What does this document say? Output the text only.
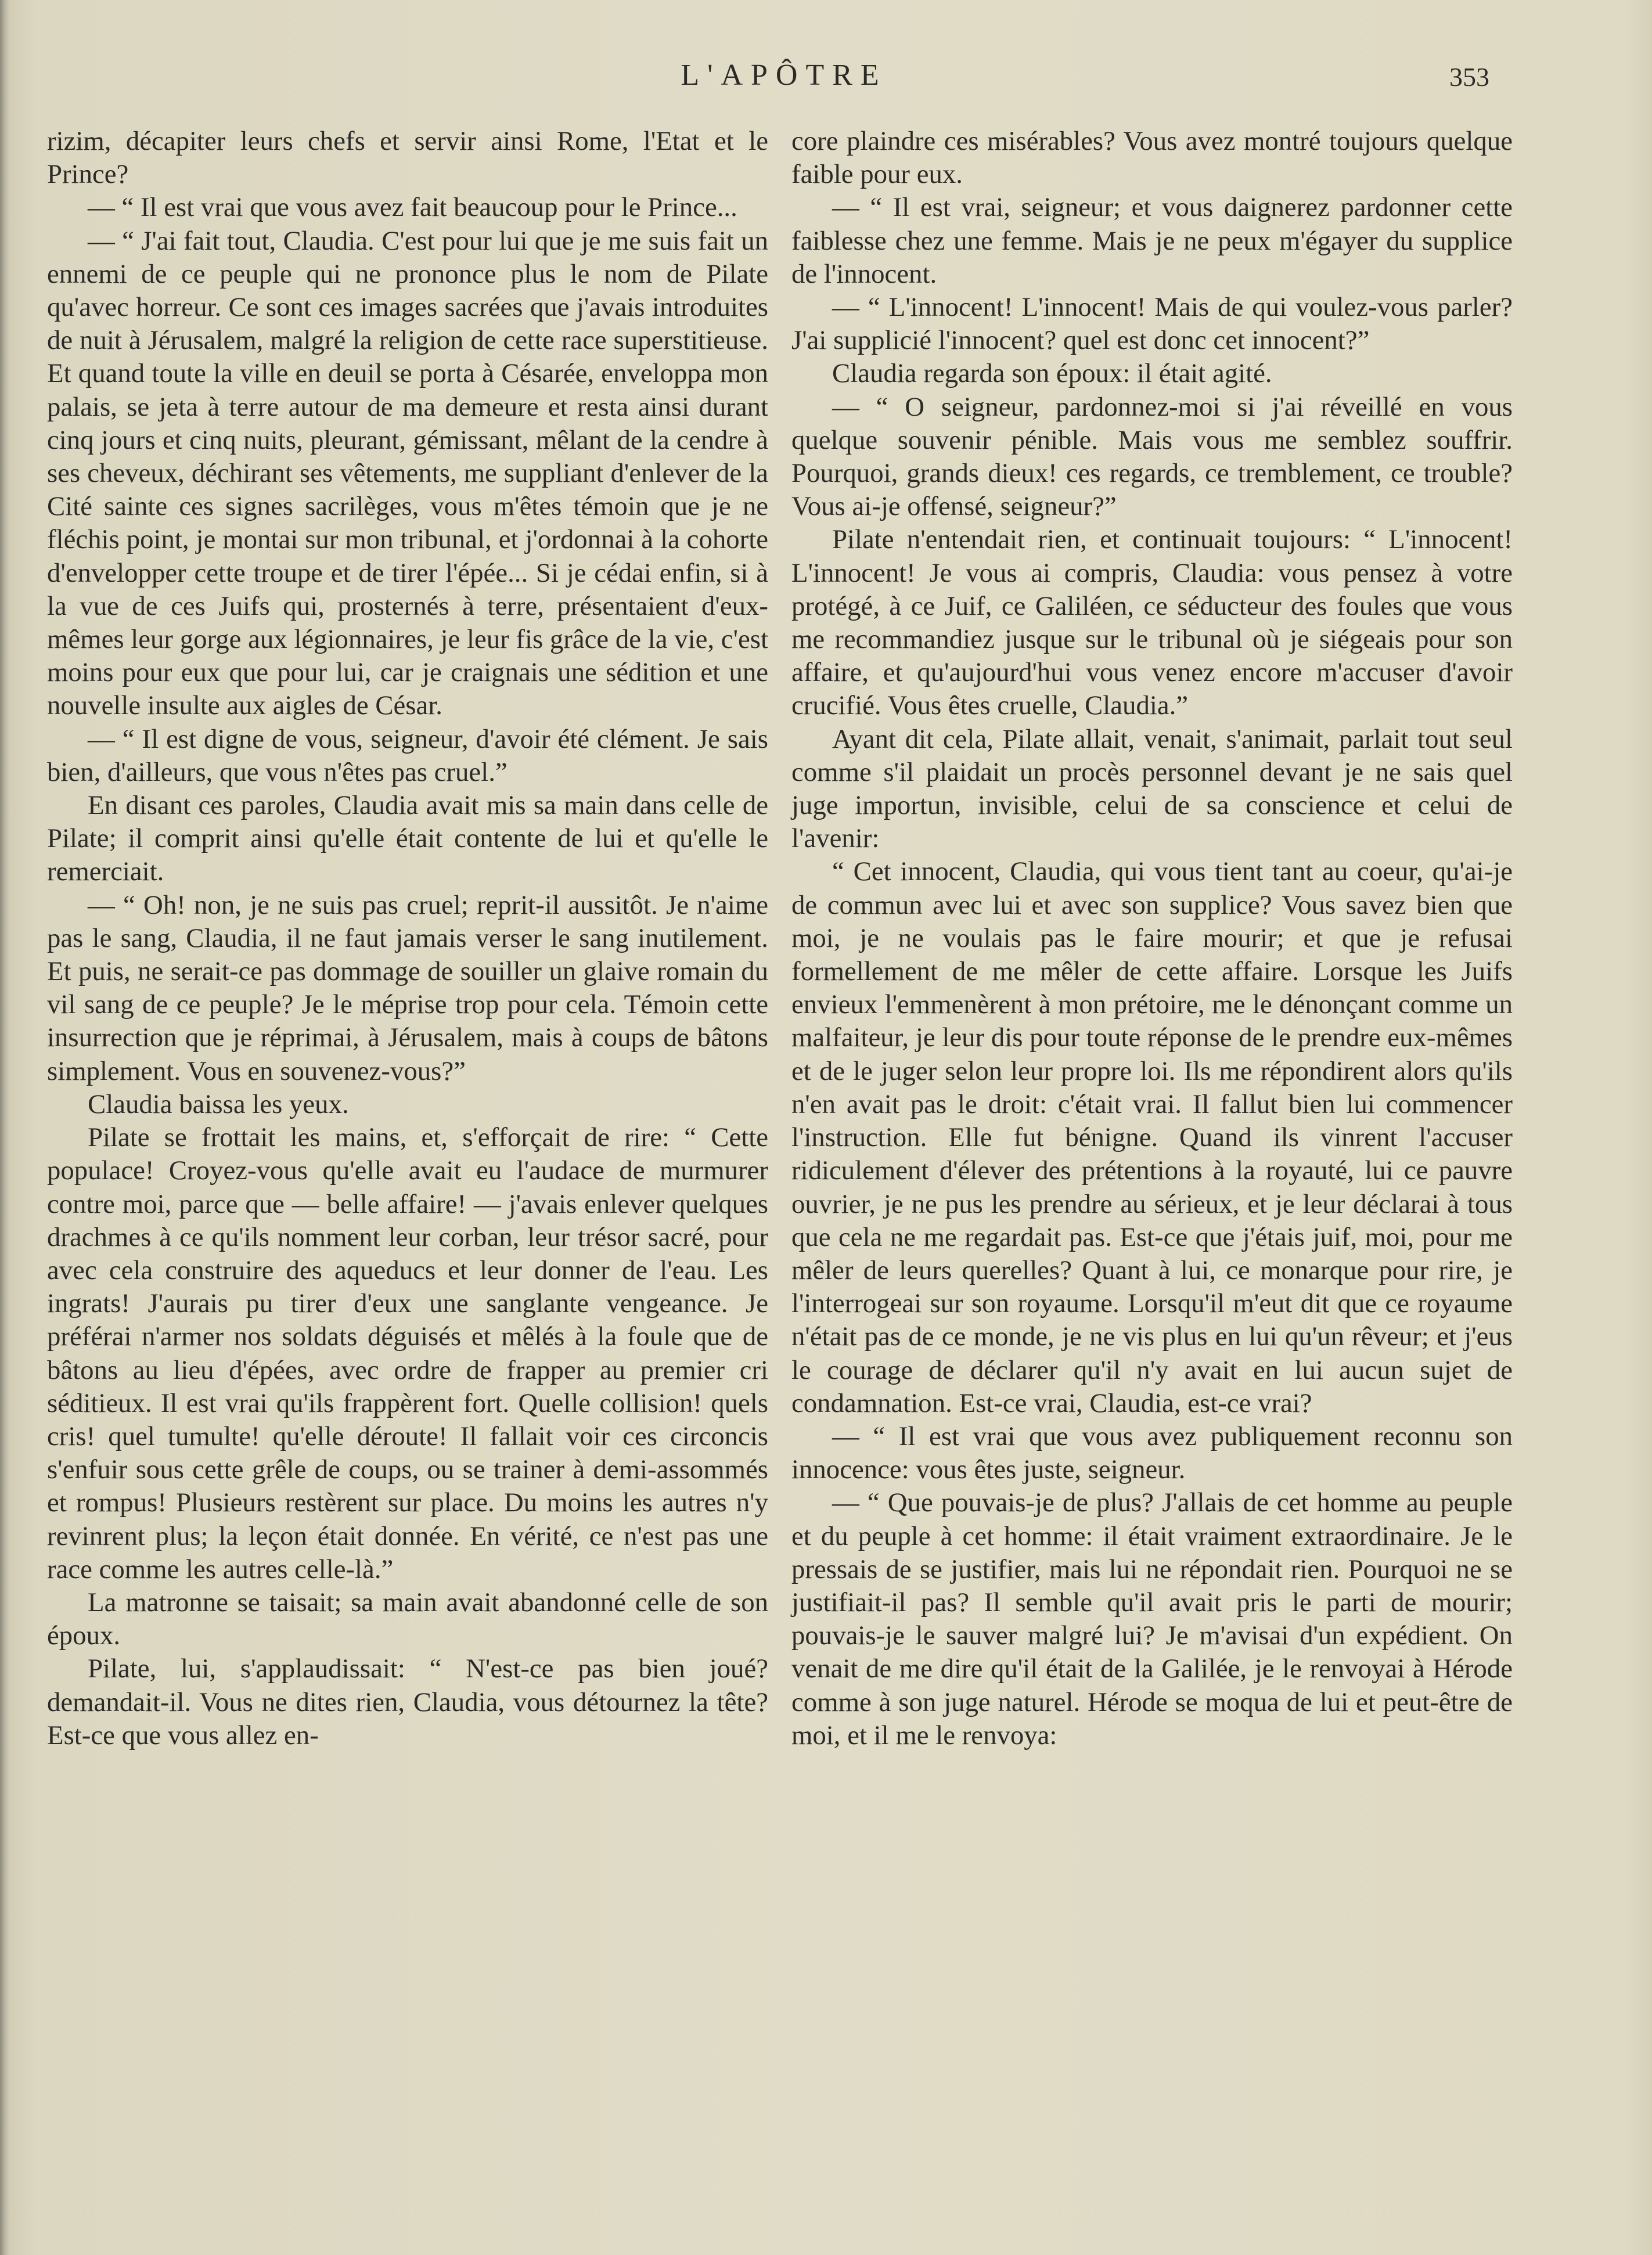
L'APÔTRE	353

rizim, décapiter leurs chefs et servir ainsi Rome, l'Etat et le Prince?

— “ Il est vrai que vous avez fait beaucoup pour le Prince...

— “ J'ai fait tout, Claudia. C'est pour lui que je me suis fait un ennemi de ce peuple qui ne prononce plus le nom de Pilate qu'avec horreur. Ce sont ces images sacrées que j'avais introduites de nuit à Jérusalem, malgré la religion de cette race superstitieuse. Et quand toute la ville en deuil se porta à Césarée, enveloppa mon palais, se jeta à terre autour de ma demeure et resta ainsi durant cinq jours et cinq nuits, pleurant, gémissant, mêlant de la cendre à ses cheveux, déchirant ses vêtements, me suppliant d'enlever de la Cité sainte ces signes sacrilèges, vous m'êtes témoin que je ne fléchis point, je montai sur mon tribunal, et j'ordonnai à la cohorte d'envelopper cette troupe et de tirer l'épée... Si je cédai enfin, si à la vue de ces Juifs qui, prosternés à terre, présentaient d'eux-mêmes leur gorge aux légionnaires, je leur fis grâce de la vie, c'est moins pour eux que pour lui, car je craignais une sédition et une nouvelle insulte aux aigles de César.

— “ Il est digne de vous, seigneur, d'avoir été clément. Je sais bien, d'ailleurs, que vous n'êtes pas cruel.”

En disant ces paroles, Claudia avait mis sa main dans celle de Pilate; il comprit ainsi qu'elle était contente de lui et qu'elle le remerciait.

— “ Oh! non, je ne suis pas cruel; reprit-il aussitôt. Je n'aime pas le sang, Claudia, il ne faut jamais verser le sang inutilement. Et puis, ne serait-ce pas dommage de souiller un glaive romain du vil sang de ce peuple? Je le méprise trop pour cela. Témoin cette insurrection que je réprimai, à Jérusalem, mais à coups de bâtons simplement. Vous en souvenez-vous?”

Claudia baissa les yeux.

Pilate se frottait les mains, et, s'efforçait de rire: “ Cette populace! Croyez-vous qu'elle avait eu l'audace de murmurer contre moi, parce que — belle affaire! — j'avais enlever quelques drachmes à ce qu'ils nomment leur corban, leur trésor sacré, pour avec cela construire des aqueducs et leur donner de l'eau. Les ingrats! J'aurais pu tirer d'eux une sanglante vengeance. Je préférai n'armer nos soldats déguisés et mêlés à la foule que de bâtons au lieu d'épées, avec ordre de frapper au premier cri séditieux. Il est vrai qu'ils frappèrent fort. Quelle collision! quels cris! quel tumulte! qu'elle déroute! Il fallait voir ces circoncis s'enfuir sous cette grêle de coups, ou se trainer à demi-assommés et rompus! Plusieurs restèrent sur place. Du moins les autres n'y revinrent plus; la leçon était donnée. En vérité, ce n'est pas une race comme les autres celle-là.”

La matronne se taisait; sa main avait abandonné celle de son époux.

Pilate, lui, s'applaudissait: “ N'est-ce pas bien joué? demandait-il. Vous ne dites rien, Claudia, vous détournez la tête? Est-ce que vous allez en-

core plaindre ces misérables? Vous avez montré toujours quelque faible pour eux.

— “ Il est vrai, seigneur; et vous daignerez pardonner cette faiblesse chez une femme. Mais je ne peux m'égayer du supplice de l'innocent.

— “ L'innocent! L'innocent! Mais de qui voulez-vous parler? J'ai supplicié l'innocent? quel est donc cet innocent?”

Claudia regarda son époux: il était agité.

— “ O seigneur, pardonnez-moi si j'ai réveillé en vous quelque souvenir pénible. Mais vous me semblez souffrir. Pourquoi, grands dieux! ces regards, ce tremblement, ce trouble? Vous ai-je offensé, seigneur?”

Pilate n'entendait rien, et continuait toujours: “ L'innocent! L'innocent! Je vous ai compris, Claudia: vous pensez à votre protégé, à ce Juif, ce Galiléen, ce séducteur des foules que vous me recommandiez jusque sur le tribunal où je siégeais pour son affaire, et qu'aujourd'hui vous venez encore m'accuser d'avoir crucifié. Vous êtes cruelle, Claudia.”

Ayant dit cela, Pilate allait, venait, s'animait, parlait tout seul comme s'il plaidait un procès personnel devant je ne sais quel juge importun, invisible, celui de sa conscience et celui de l'avenir:

“ Cet innocent, Claudia, qui vous tient tant au coeur, qu'ai-je de commun avec lui et avec son supplice? Vous savez bien que moi, je ne voulais pas le faire mourir; et que je refusai formellement de me mêler de cette affaire. Lorsque les Juifs envieux l'emmenèrent à mon prétoire, me le dénonçant comme un malfaiteur, je leur dis pour toute réponse de le prendre eux-mêmes et de le juger selon leur propre loi. Ils me répondirent alors qu'ils n'en avait pas le droit: c'était vrai. Il fallut bien lui commencer l'instruction. Elle fut bénigne. Quand ils vinrent l'accuser ridiculement d'élever des prétentions à la royauté, lui ce pauvre ouvrier, je ne pus les prendre au sérieux, et je leur déclarai à tous que cela ne me regardait pas. Est-ce que j'étais juif, moi, pour me mêler de leurs querelles? Quant à lui, ce monarque pour rire, je l'interrogeai sur son royaume. Lorsqu'il m'eut dit que ce royaume n'était pas de ce monde, je ne vis plus en lui qu'un rêveur; et j'eus le courage de déclarer qu'il n'y avait en lui aucun sujet de condamnation. Est-ce vrai, Claudia, est-ce vrai?

— “ Il est vrai que vous avez publiquement reconnu son innocence: vous êtes juste, seigneur.

— “ Que pouvais-je de plus? J'allais de cet homme au peuple et du peuple à cet homme: il était vraiment extraordinaire. Je le pressais de se justifier, mais lui ne répondait rien. Pourquoi ne se justifiait-il pas? Il semble qu'il avait pris le parti de mourir; pouvais-je le sauver malgré lui? Je m'avisai d'un expédient. On venait de me dire qu'il était de la Galilée, je le renvoyai à Hérode comme à son juge naturel. Hérode se moqua de lui et peut-être de moi, et il me le renvoya:
